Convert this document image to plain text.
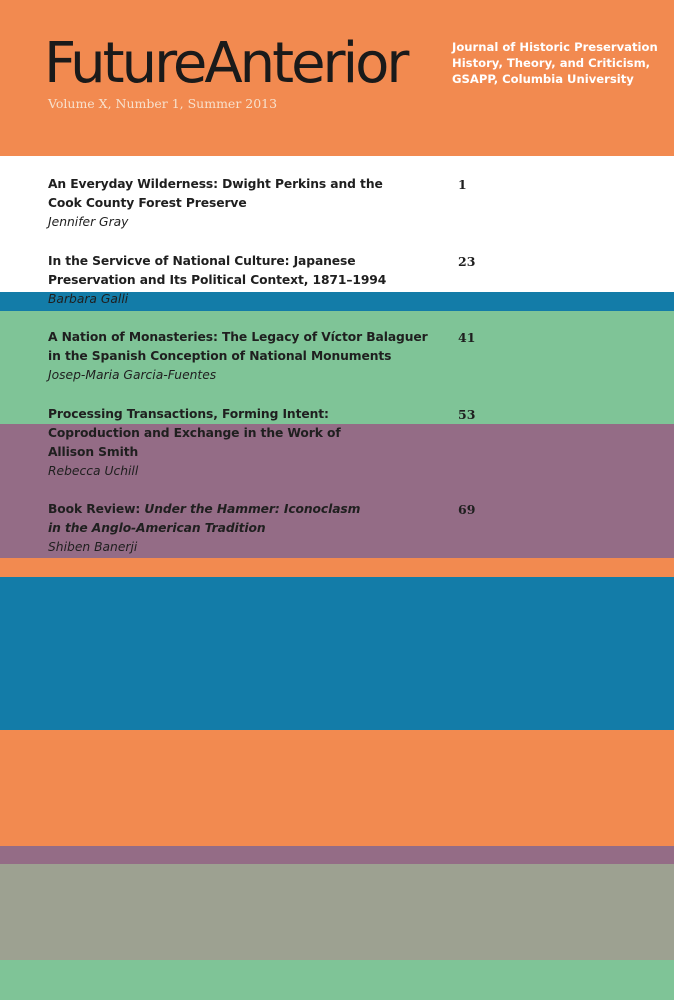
FutureAnterior

Volume X, Number 1, Summer 2013

Journal of Historic Preservation
History, Theory, and Criticism,
GSAPP, Columbia University

An Everyday Wilderness: Dwight Perkins and the
Cook County Forest Preserve

Jennifer Gray

1

In the Servicve of National Culture: Japanese
Preservation and Its Political Context, 1871–1994

Barbara Galli

23

A Nation of Monasteries: The Legacy of Víctor Balaguer
in the Spanish Conception of National Monuments

Josep-Maria Garcia-Fuentes

41

Processing Transactions, Forming Intent:
Coproduction and Exchange in the Work of
Allison Smith

Rebecca Uchill

53

Book Review: Under the Hammer: Iconoclasm
in the Anglo-American Tradition

Shiben Banerji

69
